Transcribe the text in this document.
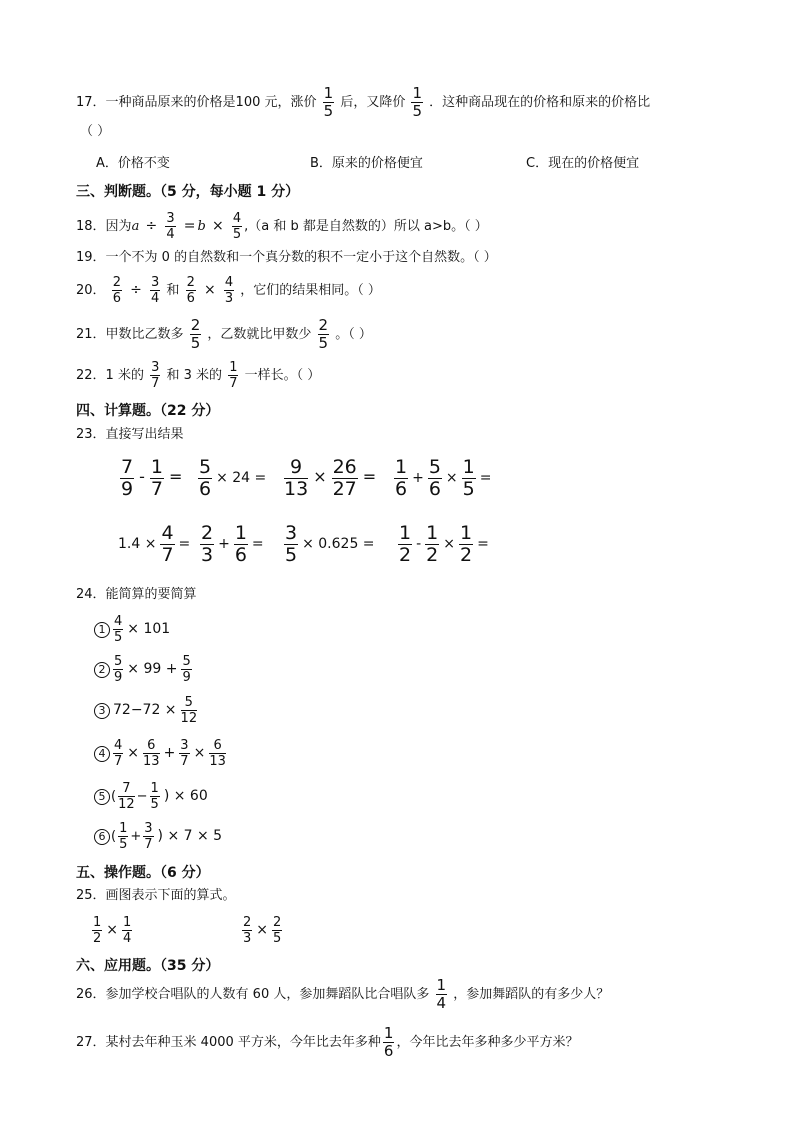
17．一种商品原来的价格是100 元，涨价 $\frac{1}{5}$ 后，又降价 $\frac{1}{5}$ ．这种商品现在的价格和原来的价格比
（ ）
A．价格不变	B．原来的价格便宜	C．现在的价格便宜
三、判断题。（5 分，每小题 1 分）
18．因为$a \div \frac{3}{4} = b \times \frac{4}{5} ,(a$ 和 b 都是自然数的）所以 a>b。（ ）
19．一个不为 0 的自然数和一个真分数的积不一定小于这个自然数。（ ）
20． $\frac{2}{6} \div \frac{3}{4}$ 和 $\frac{2}{6} \times \frac{4}{3}$ ，它们的结果相同。（ ）
21．甲数比乙数多 $\frac{2}{5}$ ，乙数就比甲数少 $\frac{2}{5}$ 。（ ）
22．1 米的 $\frac{3}{7}$ 和 3 米的 $\frac{1}{7}$ 一样长。（ ）
四、计算题。（22 分）
23．直接写出结果
$\frac{7}{9} - \frac{1}{7} = \frac{5}{6} \times 24 = \frac{9}{13} \times \frac{26}{27} = \frac{1}{6} + \frac{5}{6} \times \frac{1}{5}$ =
$1.4 \times \frac{4}{7} = \frac{2}{3} + \frac{1}{6} = \frac{3}{5} \times 0.625 = \frac{1}{2} - \frac{1}{2} \times \frac{1}{2}$ =
24．能简算的要简算
$1 \frac{4}{5} \times 101$
$2 \frac{5}{9} \times 99 + \frac{5}{9}$
3 $72-72 \times \frac{5}{12}$
$4 \frac{4}{7} \times \frac{6}{13} + \frac{3}{7} \times \frac{6}{13}$
5 ( $\frac{7}{12} - \frac{1}{5}$ ) × 60
6 ( $\frac{1}{5} + \frac{3}{7}$ ) × 7 × 5
五、操作题。（6 分）
25．画图表示下面的算式。
$\frac{1}{2} \times \frac{1}{4}$	$\frac{2}{3} \times \frac{2}{5}$
六、应用题。（35 分）
26．参加学校合唱队的人数有 60 人，参加舞蹈队比合唱队多 $\frac{1}{4}$ ，参加舞蹈队的有多少人？
27．某村去年种玉米 4000 平方米，今年比去年多种 $\frac{1}{6}$ ，今年比去年多种多少平方米？
